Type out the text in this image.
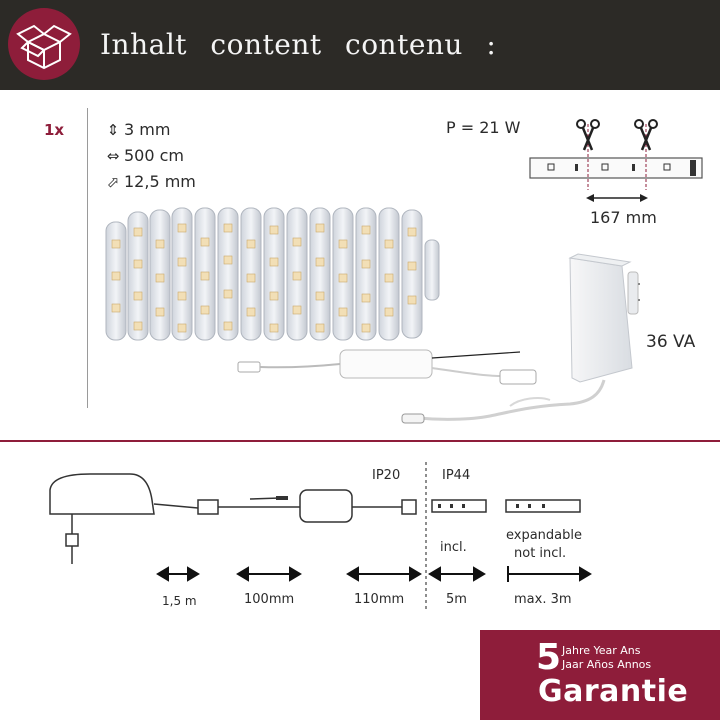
Inhalt content contenu :
1x	⇕ 3 mm
⇔ 500 cm
⬀ 12,5 mm
P = 21 W
167 mm
36 VA
IP20	IP44
incl.
expandable
not incl.
1,5 m	100mm	110mm	5m	max. 3m
5 Jahre Year Ans
Jaar Años Annos
Garantie
